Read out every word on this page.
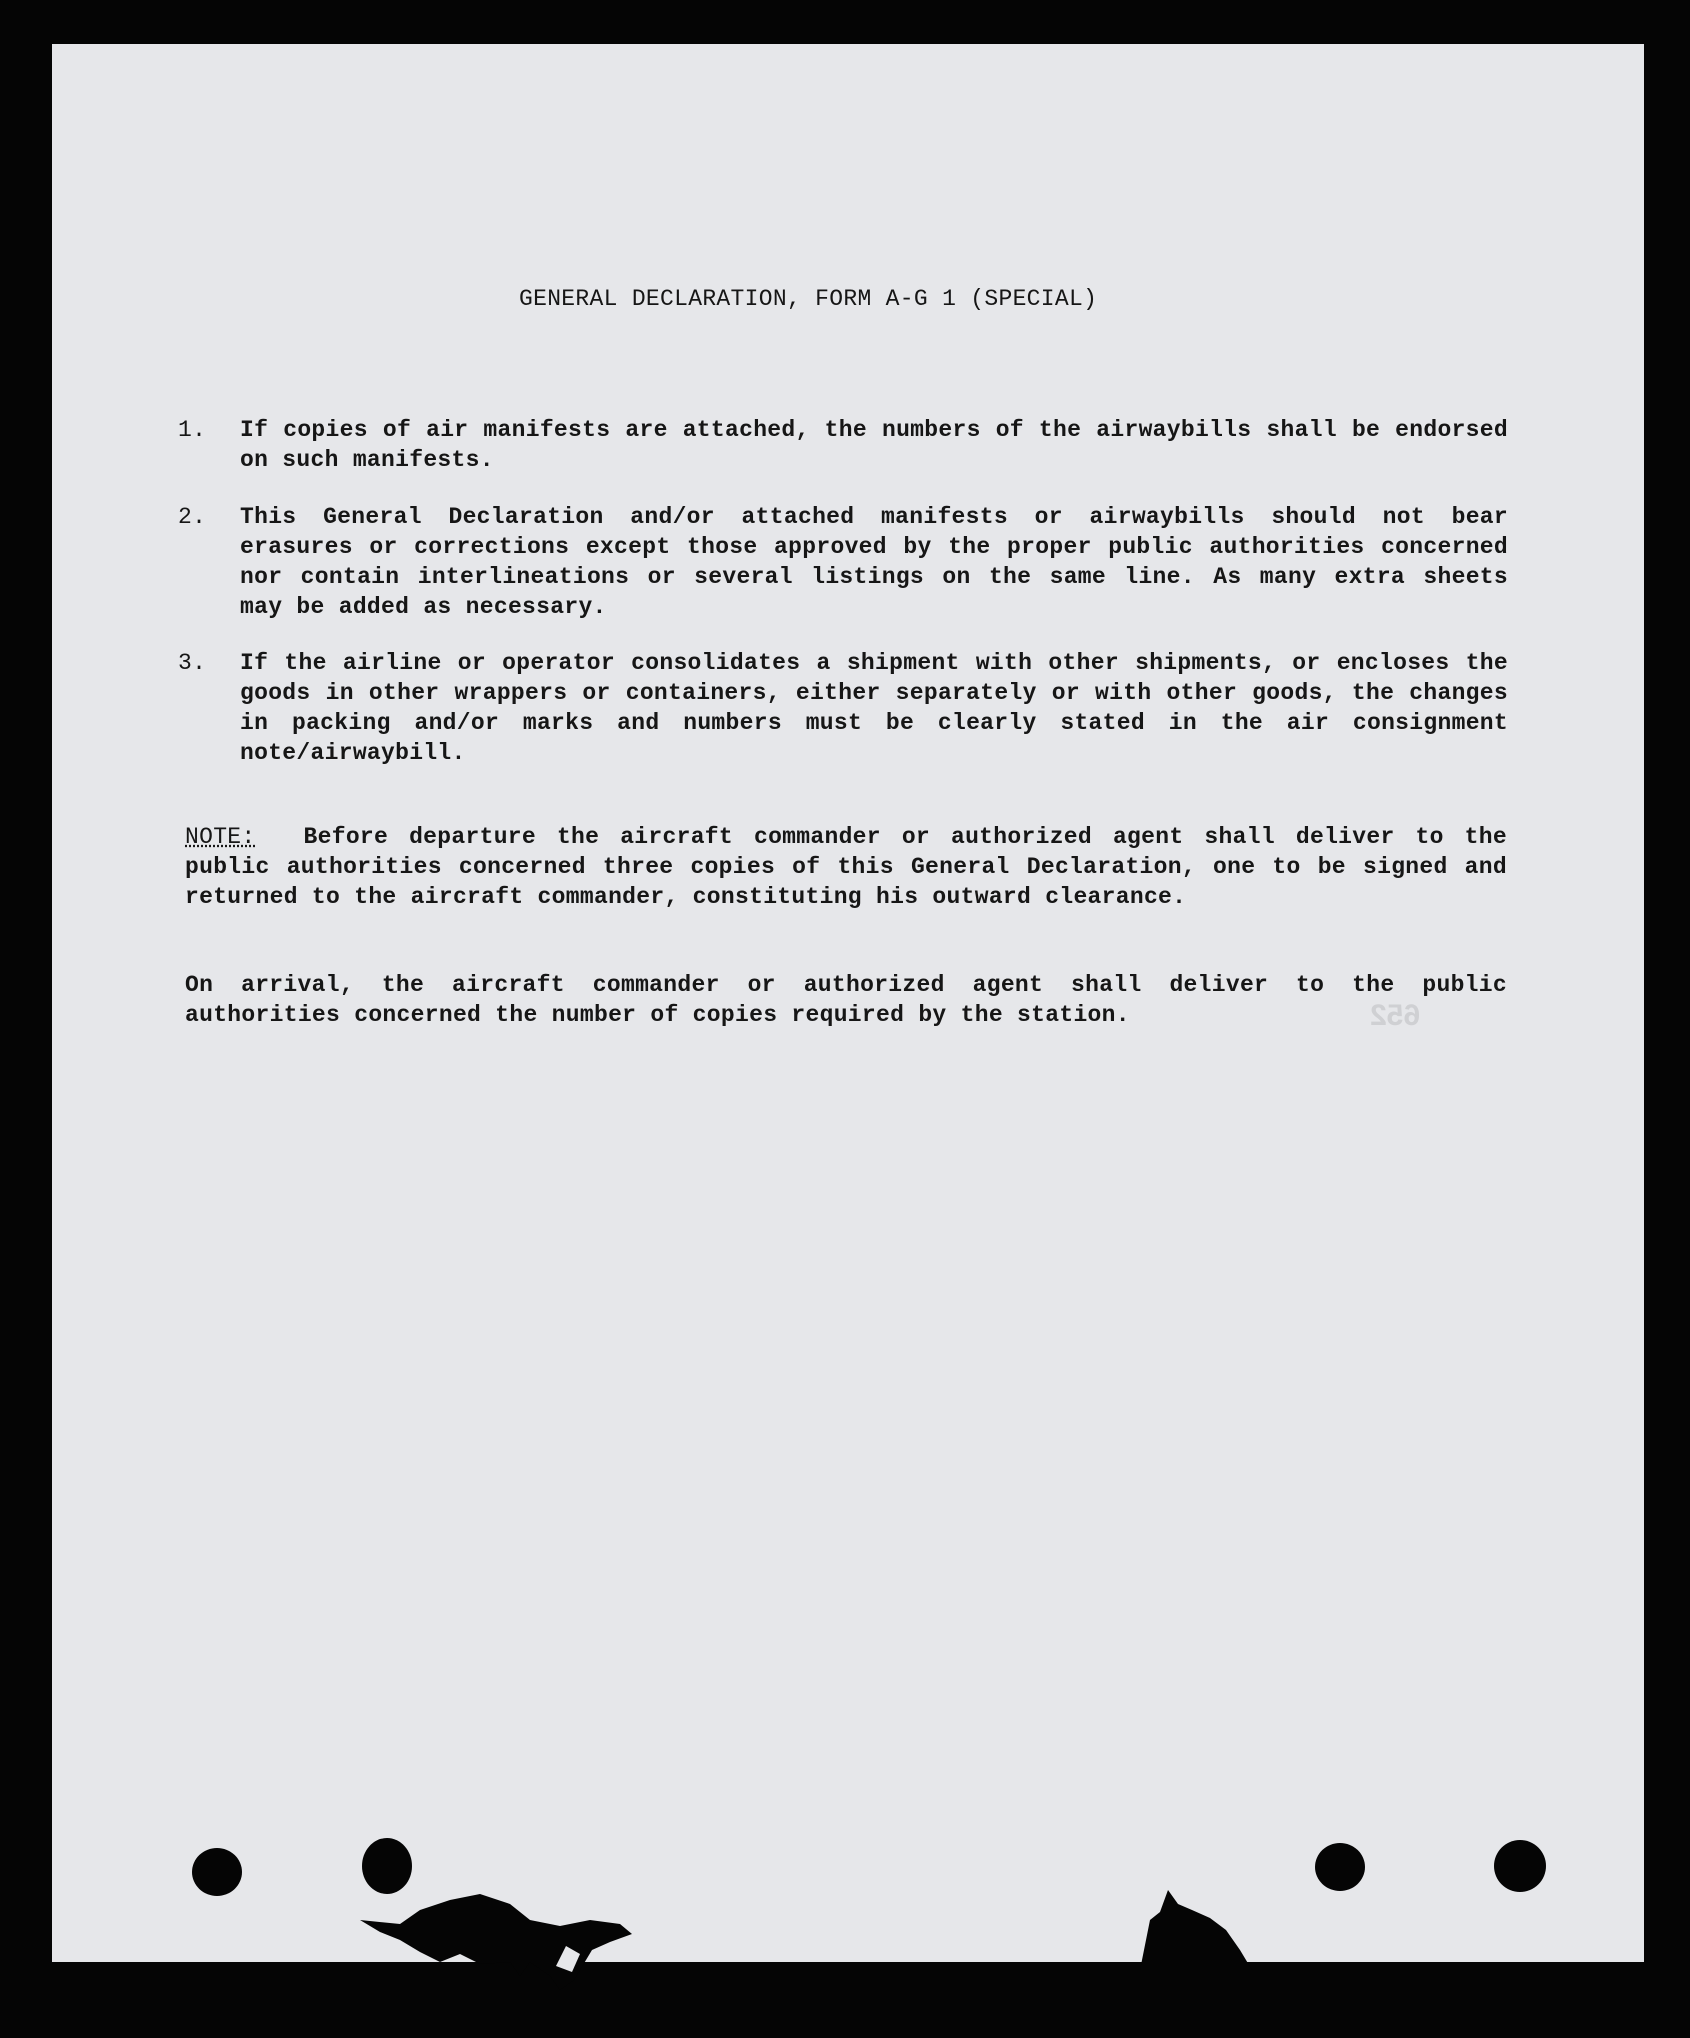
GENERAL DECLARATION, FORM A-G 1 (SPECIAL)
1.	If copies of air manifests are attached, the numbers of the airwaybills shall be endorsed on such manifests.
2.	This General Declaration and/or attached manifests or airwaybills should not bear erasures or corrections except those approved by the proper public authorities concerned nor contain interlineations or several listings on the same line. As many extra sheets may be added as necessary.
3.	If the airline or operator consolidates a shipment with other shipments, or encloses the goods in other wrappers or containers, either separately or with other goods, the changes in packing and/or marks and numbers must be clearly stated in the air consignment note/airwaybill.
NOTE: Before departure the aircraft commander or authorized agent shall deliver to the public authorities concerned three copies of this General Declaration, one to be signed and returned to the aircraft commander, constituting his outward clearance.
On arrival, the aircraft commander or authorized agent shall deliver to the public authorities concerned the number of copies required by the station.	652
